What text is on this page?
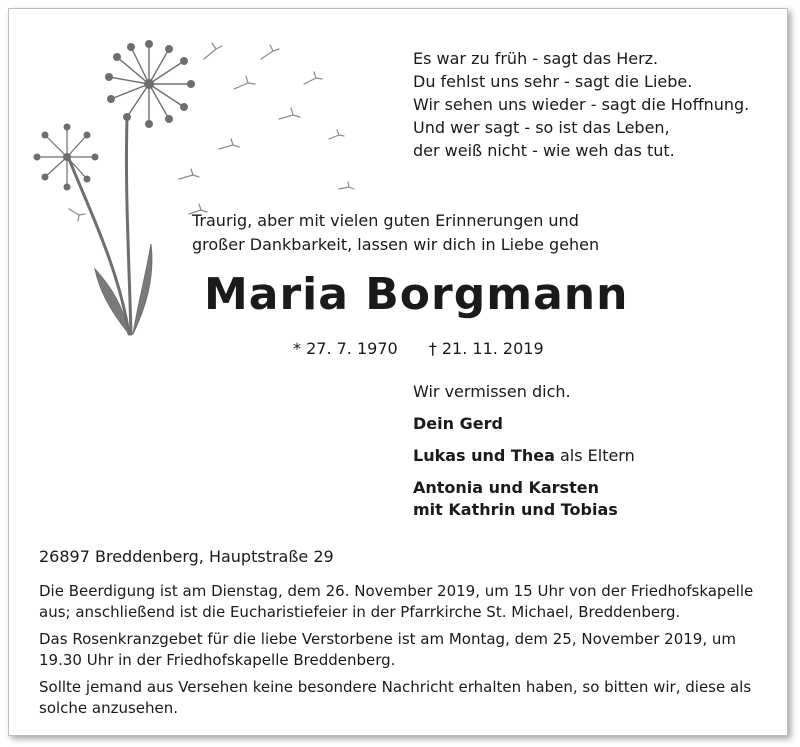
Es war zu früh - sagt das Herz.
Du fehlst uns sehr - sagt die Liebe.
Wir sehen uns wieder - sagt die Hoffnung.
Und wer sagt - so ist das Leben,
der weiß nicht - wie weh das tut.
Traurig, aber mit vielen guten Erinnerungen und
großer Dankbarkeit, lassen wir dich in Liebe gehen
Maria Borgmann
* 27. 7. 1970 † 21. 11. 2019
Wir vermissen dich.
Dein Gerd
Lukas und Thea als Eltern
Antonia und Karsten
mit Kathrin und Tobias
26897 Breddenberg, Hauptstraße 29

Die Beerdigung ist am Dienstag, dem 26. November 2019, um 15 Uhr von der Friedhofskapelle aus; anschließend ist die Eucharistiefeier in der Pfarrkirche St. Michael, Breddenberg.

Das Rosenkranzgebet für die liebe Verstorbene ist am Montag, dem 25, November 2019, um 19.30 Uhr in der Friedhofskapelle Breddenberg.

Sollte jemand aus Versehen keine besondere Nachricht erhalten haben, so bitten wir, diese als solche anzusehen.
